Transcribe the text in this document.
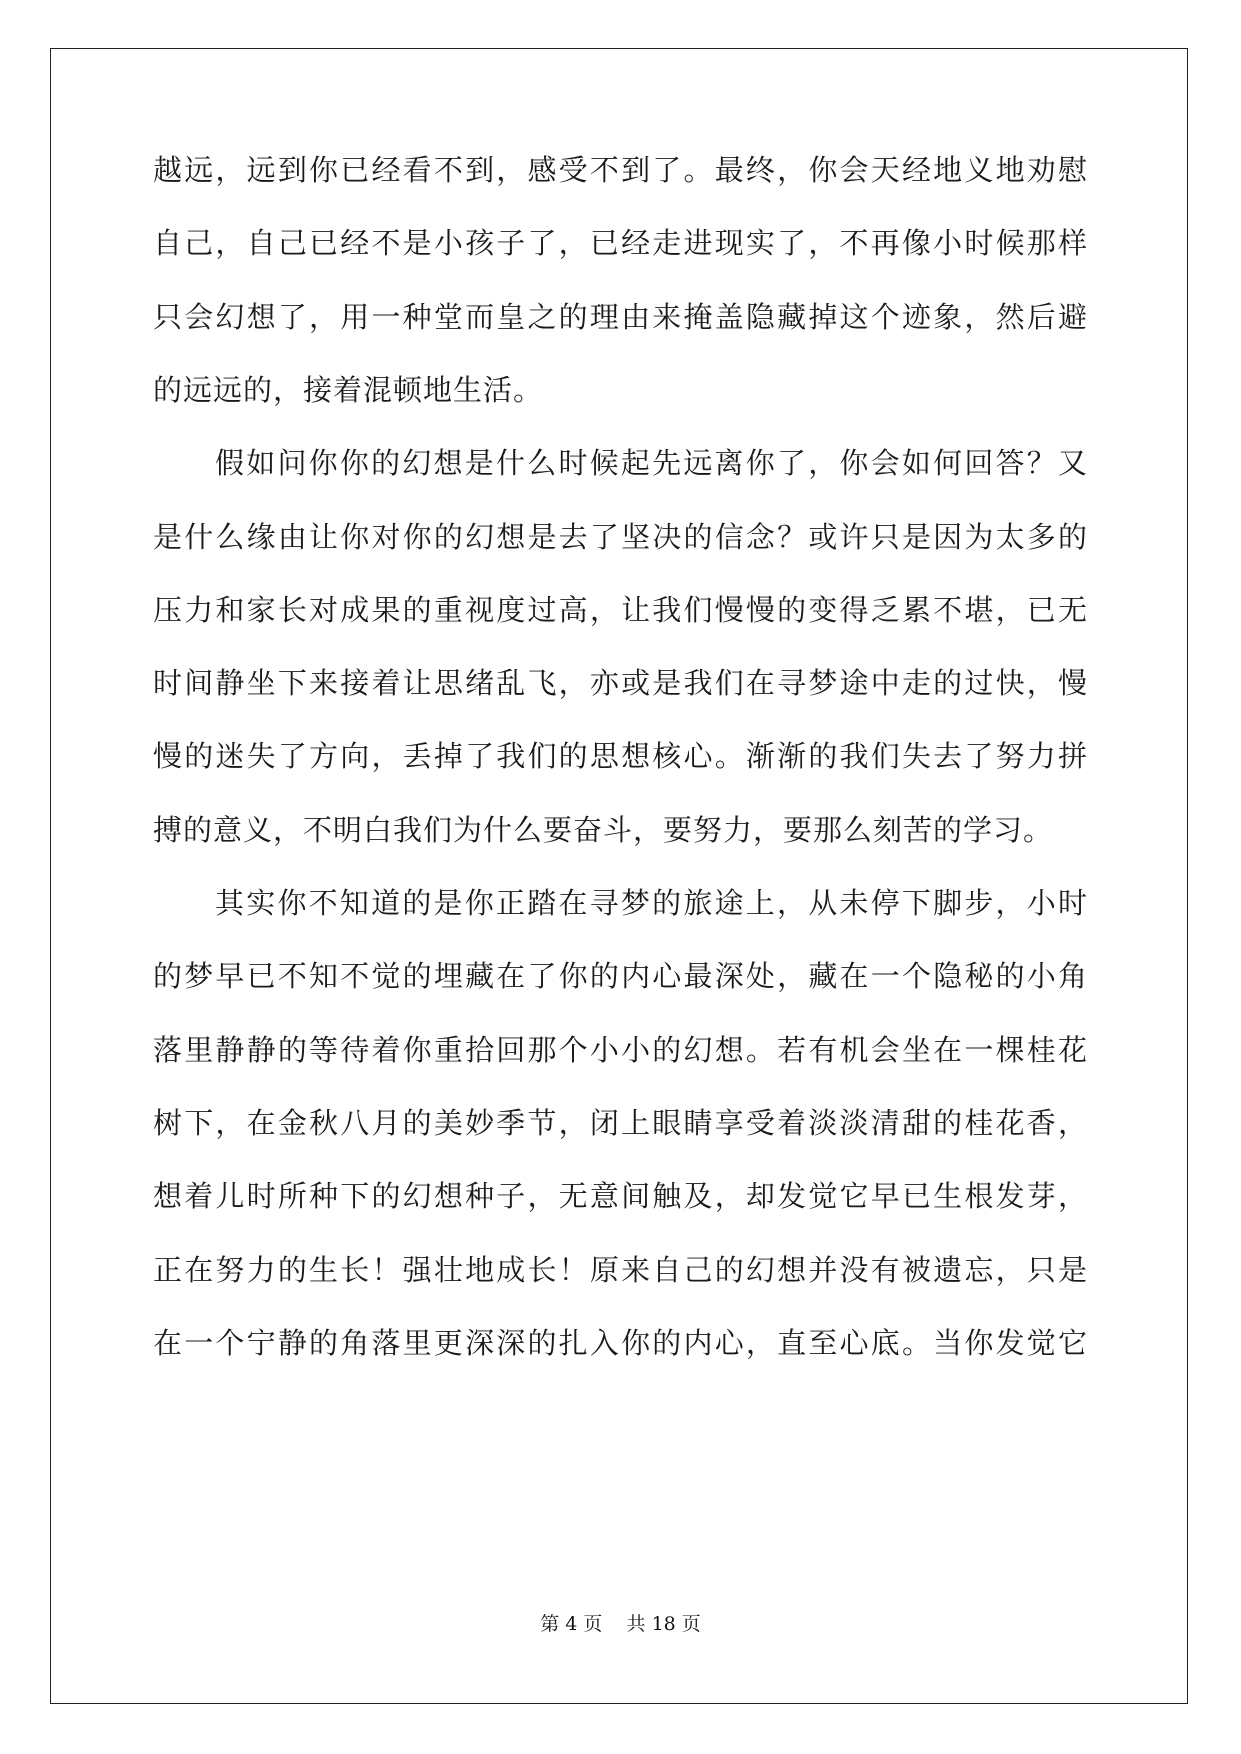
越远，远到你已经看不到，感受不到了。最终，你会天经地义地劝慰
自己，自己已经不是小孩子了，已经走进现实了，不再像小时候那样
只会幻想了，用一种堂而皇之的理由来掩盖隐藏掉这个迹象，然后避
的远远的，接着混顿地生活。
假如问你你的幻想是什么时候起先远离你了，你会如何回答？又
是什么缘由让你对你的幻想是去了坚决的信念？或许只是因为太多的
压力和家长对成果的重视度过高，让我们慢慢的变得乏累不堪，已无
时间静坐下来接着让思绪乱飞，亦或是我们在寻梦途中走的过快，慢
慢的迷失了方向，丢掉了我们的思想核心。渐渐的我们失去了努力拼
搏的意义，不明白我们为什么要奋斗，要努力，要那么刻苦的学习。
其实你不知道的是你正踏在寻梦的旅途上，从未停下脚步，小时
的梦早已不知不觉的埋藏在了你的内心最深处，藏在一个隐秘的小角
落里静静的等待着你重拾回那个小小的幻想。若有机会坐在一棵桂花
树下，在金秋八月的美妙季节，闭上眼睛享受着淡淡清甜的桂花香，
想着儿时所种下的幻想种子，无意间触及，却发觉它早已生根发芽，
正在努力的生长！强壮地成长！原来自己的幻想并没有被遗忘，只是
在一个宁静的角落里更深深的扎入你的内心，直至心底。当你发觉它
第 4 页 共 18 页
